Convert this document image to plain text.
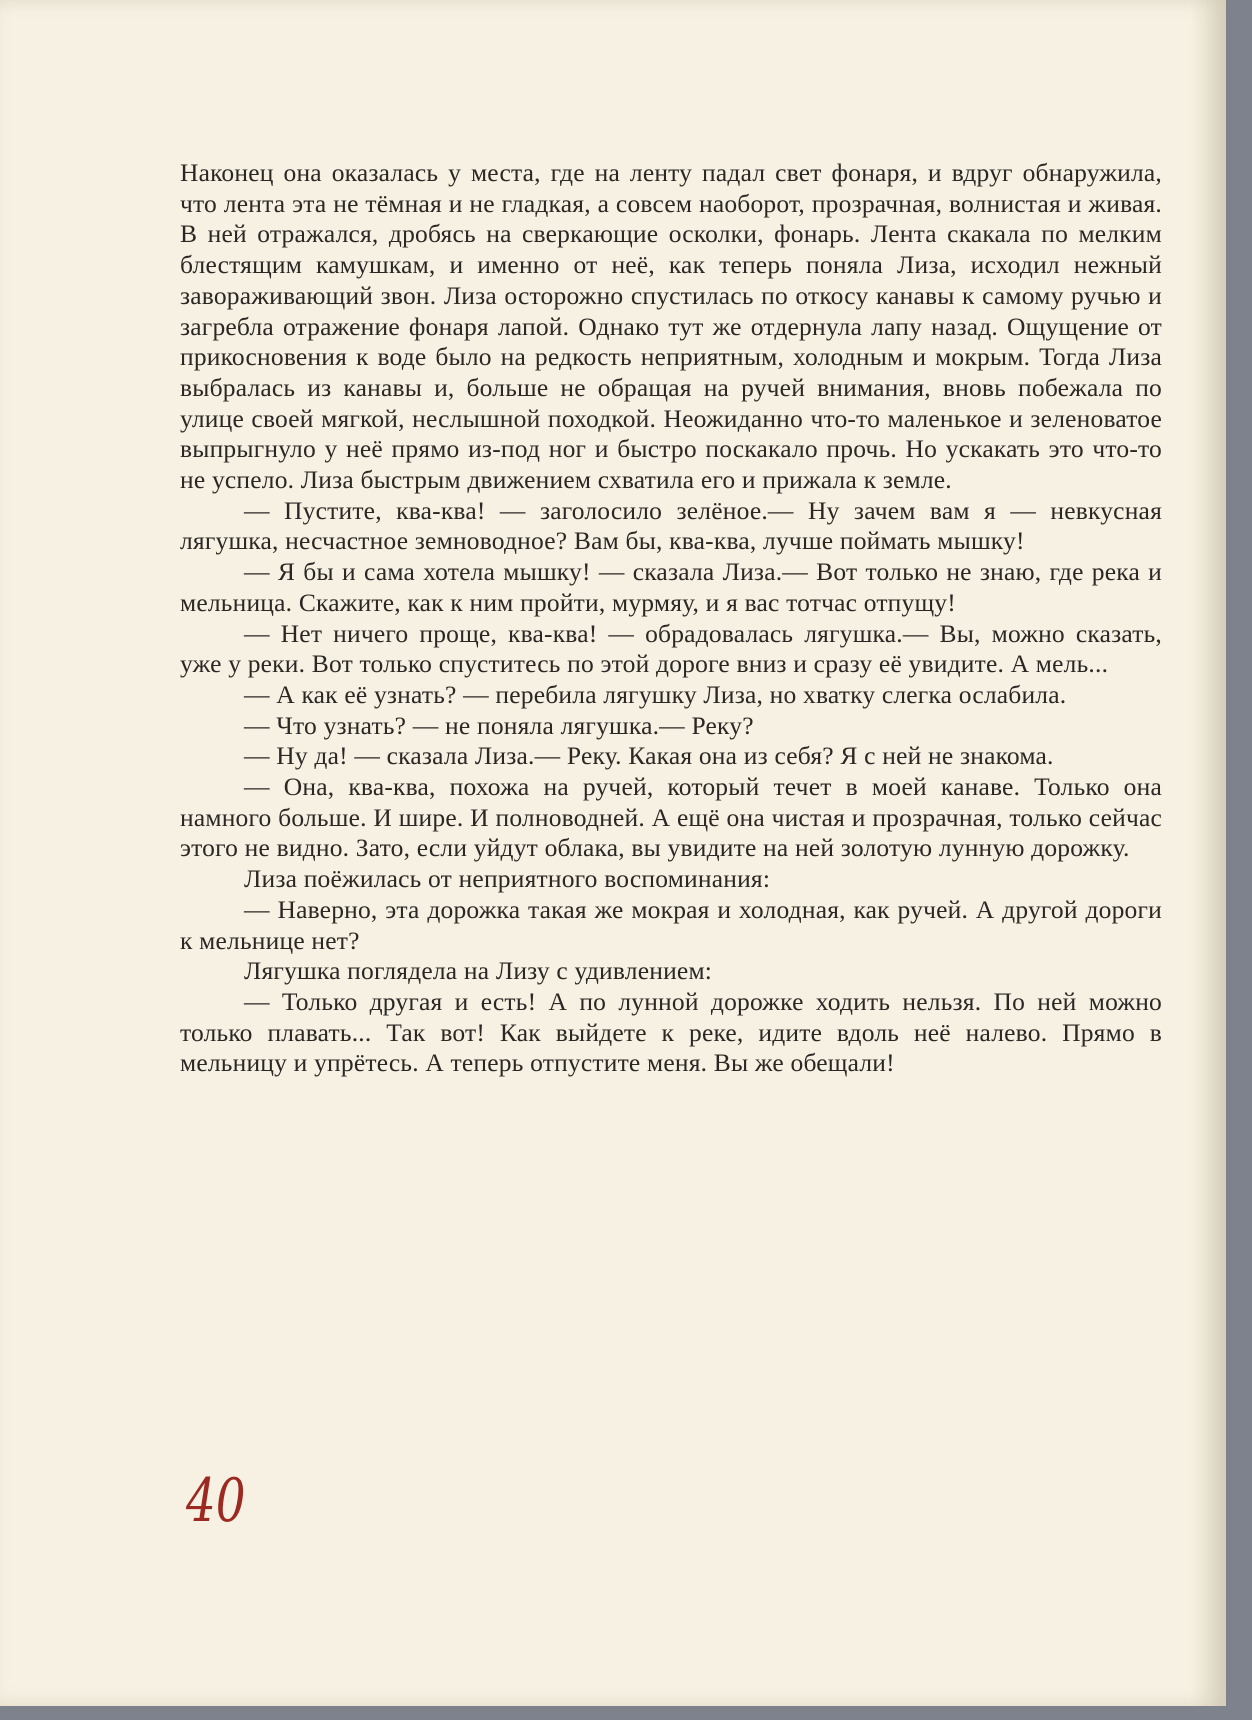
Наконец она оказалась у места, где на ленту падал свет фонаря, и вдруг обнаружила, что лента эта не тёмная и не гладкая, а совсем наоборот, прозрачная, волнистая и живая. В ней отражался, дробясь на сверкающие осколки, фонарь. Лента скакала по мелким блестящим камушкам, и именно от неё, как теперь поняла Лиза, исходил нежный завораживающий звон. Лиза осторожно спустилась по откосу канавы к самому ручью и загребла отражение фонаря лапой. Однако тут же отдернула лапу назад. Ощущение от прикосновения к воде было на редкость неприятным, холодным и мокрым. Тогда Лиза выбралась из канавы и, больше не обращая на ручей внимания, вновь побежала по улице своей мягкой, неслышной походкой. Неожиданно что-то маленькое и зеленоватое выпрыгнуло у неё прямо из-под ног и быстро поскакало прочь. Но ускакать это что-то не успело. Лиза быстрым движением схватила его и прижала к земле.

— Пустите, ква-ква! — заголосило зелёное.— Ну зачем вам я — невкусная лягушка, несчастное земноводное? Вам бы, ква-ква, лучше поймать мышку!

— Я бы и сама хотела мышку! — сказала Лиза.— Вот только не знаю, где река и мельница. Скажите, как к ним пройти, мурмяу, и я вас тотчас отпущу!

— Нет ничего проще, ква-ква! — обрадовалась лягушка.— Вы, можно сказать, уже у реки. Вот только спуститесь по этой дороге вниз и сразу её увидите. А мель...

— А как её узнать? — перебила лягушку Лиза, но хватку слегка ослабила.

— Что узнать? — не поняла лягушка.— Реку?

— Ну да! — сказала Лиза.— Реку. Какая она из себя? Я с ней не знакома.

— Она, ква-ква, похожа на ручей, который течет в моей канаве. Только она намного больше. И шире. И полноводней. А ещё она чистая и прозрачная, только сейчас этого не видно. Зато, если уйдут облака, вы увидите на ней золотую лунную дорожку.

Лиза поёжилась от неприятного воспоминания:

— Наверно, эта дорожка такая же мокрая и холодная, как ручей. А другой дороги к мельнице нет?

Лягушка поглядела на Лизу с удивлением:

— Только другая и есть! А по лунной дорожке ходить нельзя. По ней можно только плавать... Так вот! Как выйдете к реке, идите вдоль неё налево. Прямо в мельницу и упрётесь. А теперь отпустите меня. Вы же обещали!

40
